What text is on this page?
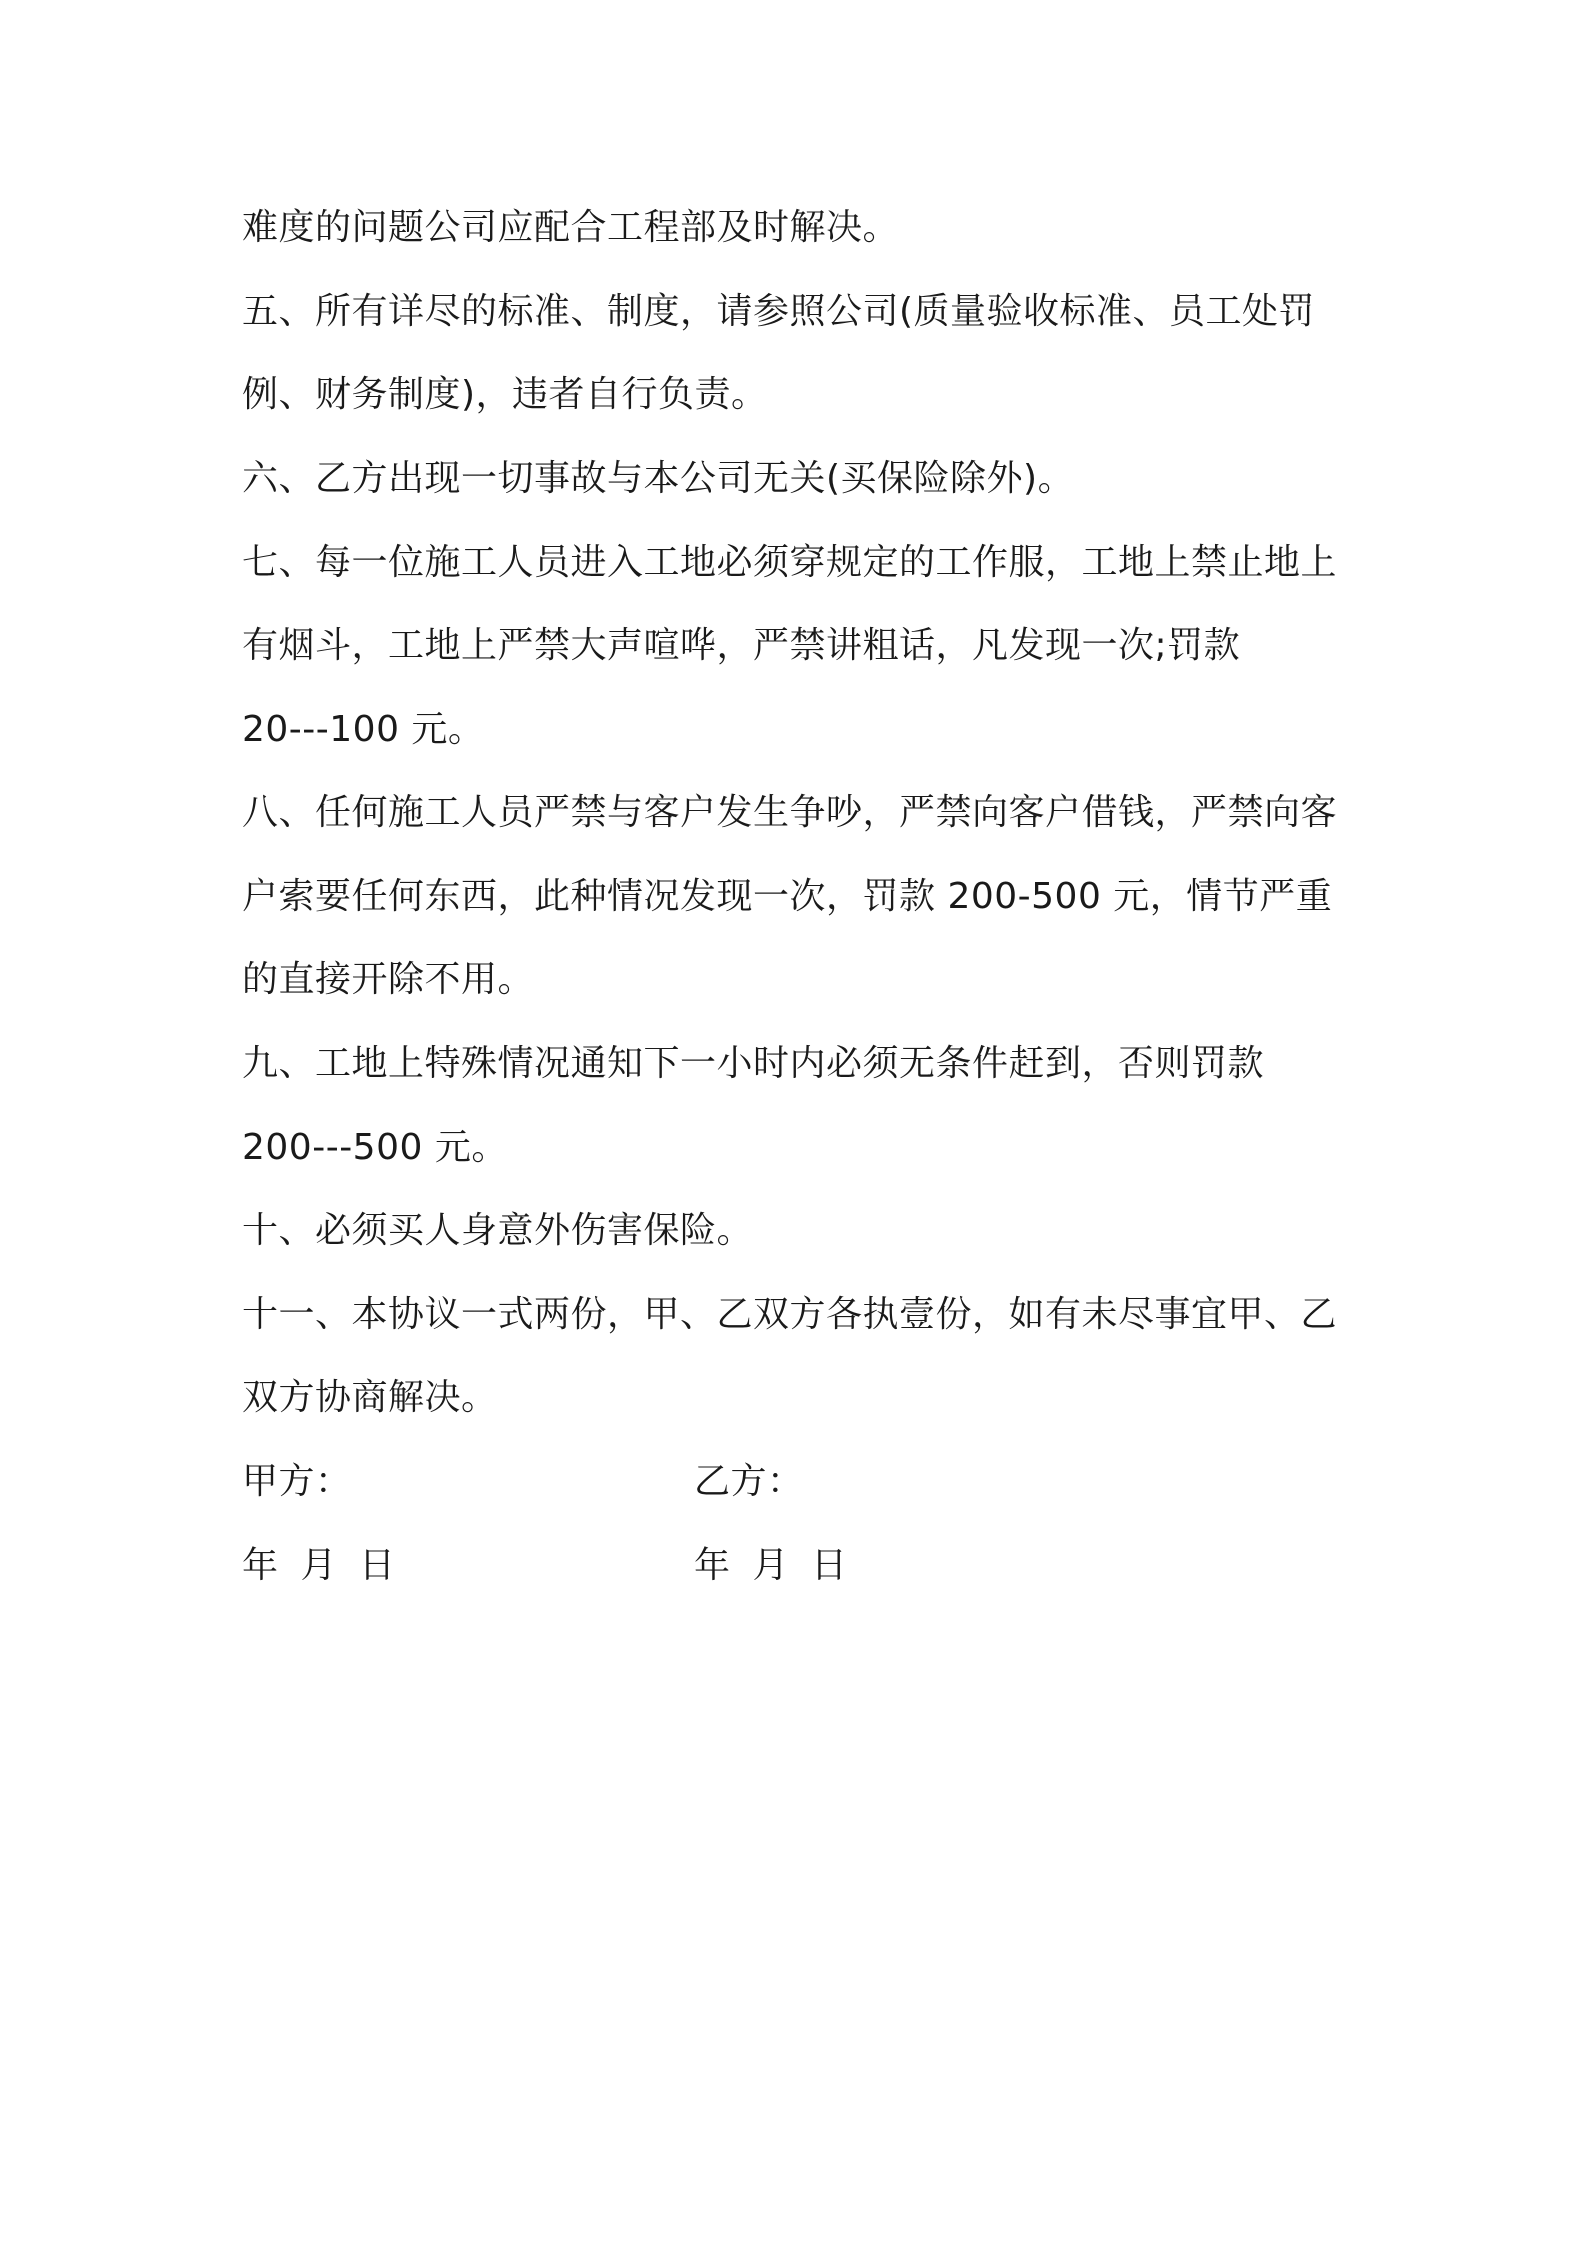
难度的问题公司应配合工程部及时解决。
五、所有详尽的标准、制度，请参照公司(质量验收标准、员工处罚
例、财务制度)，违者自行负责。
六、乙方出现一切事故与本公司无关(买保险除外)。
七、每一位施工人员进入工地必须穿规定的工作服，工地上禁止地上
有烟斗，工地上严禁大声喧哗，严禁讲粗话，凡发现一次;罚款
20---100 元。
八、任何施工人员严禁与客户发生争吵，严禁向客户借钱，严禁向客
户索要任何东西，此种情况发现一次，罚款 200-500 元，情节严重
的直接开除不用。
九、工地上特殊情况通知下一小时内必须无条件赶到，否则罚款
200---500 元。
十、必须买人身意外伤害保险。
十一、本协议一式两份，甲、乙双方各执壹份，如有未尽事宜甲、乙
双方协商解决。
甲方：	乙方：
年 月 日	年 月 日
